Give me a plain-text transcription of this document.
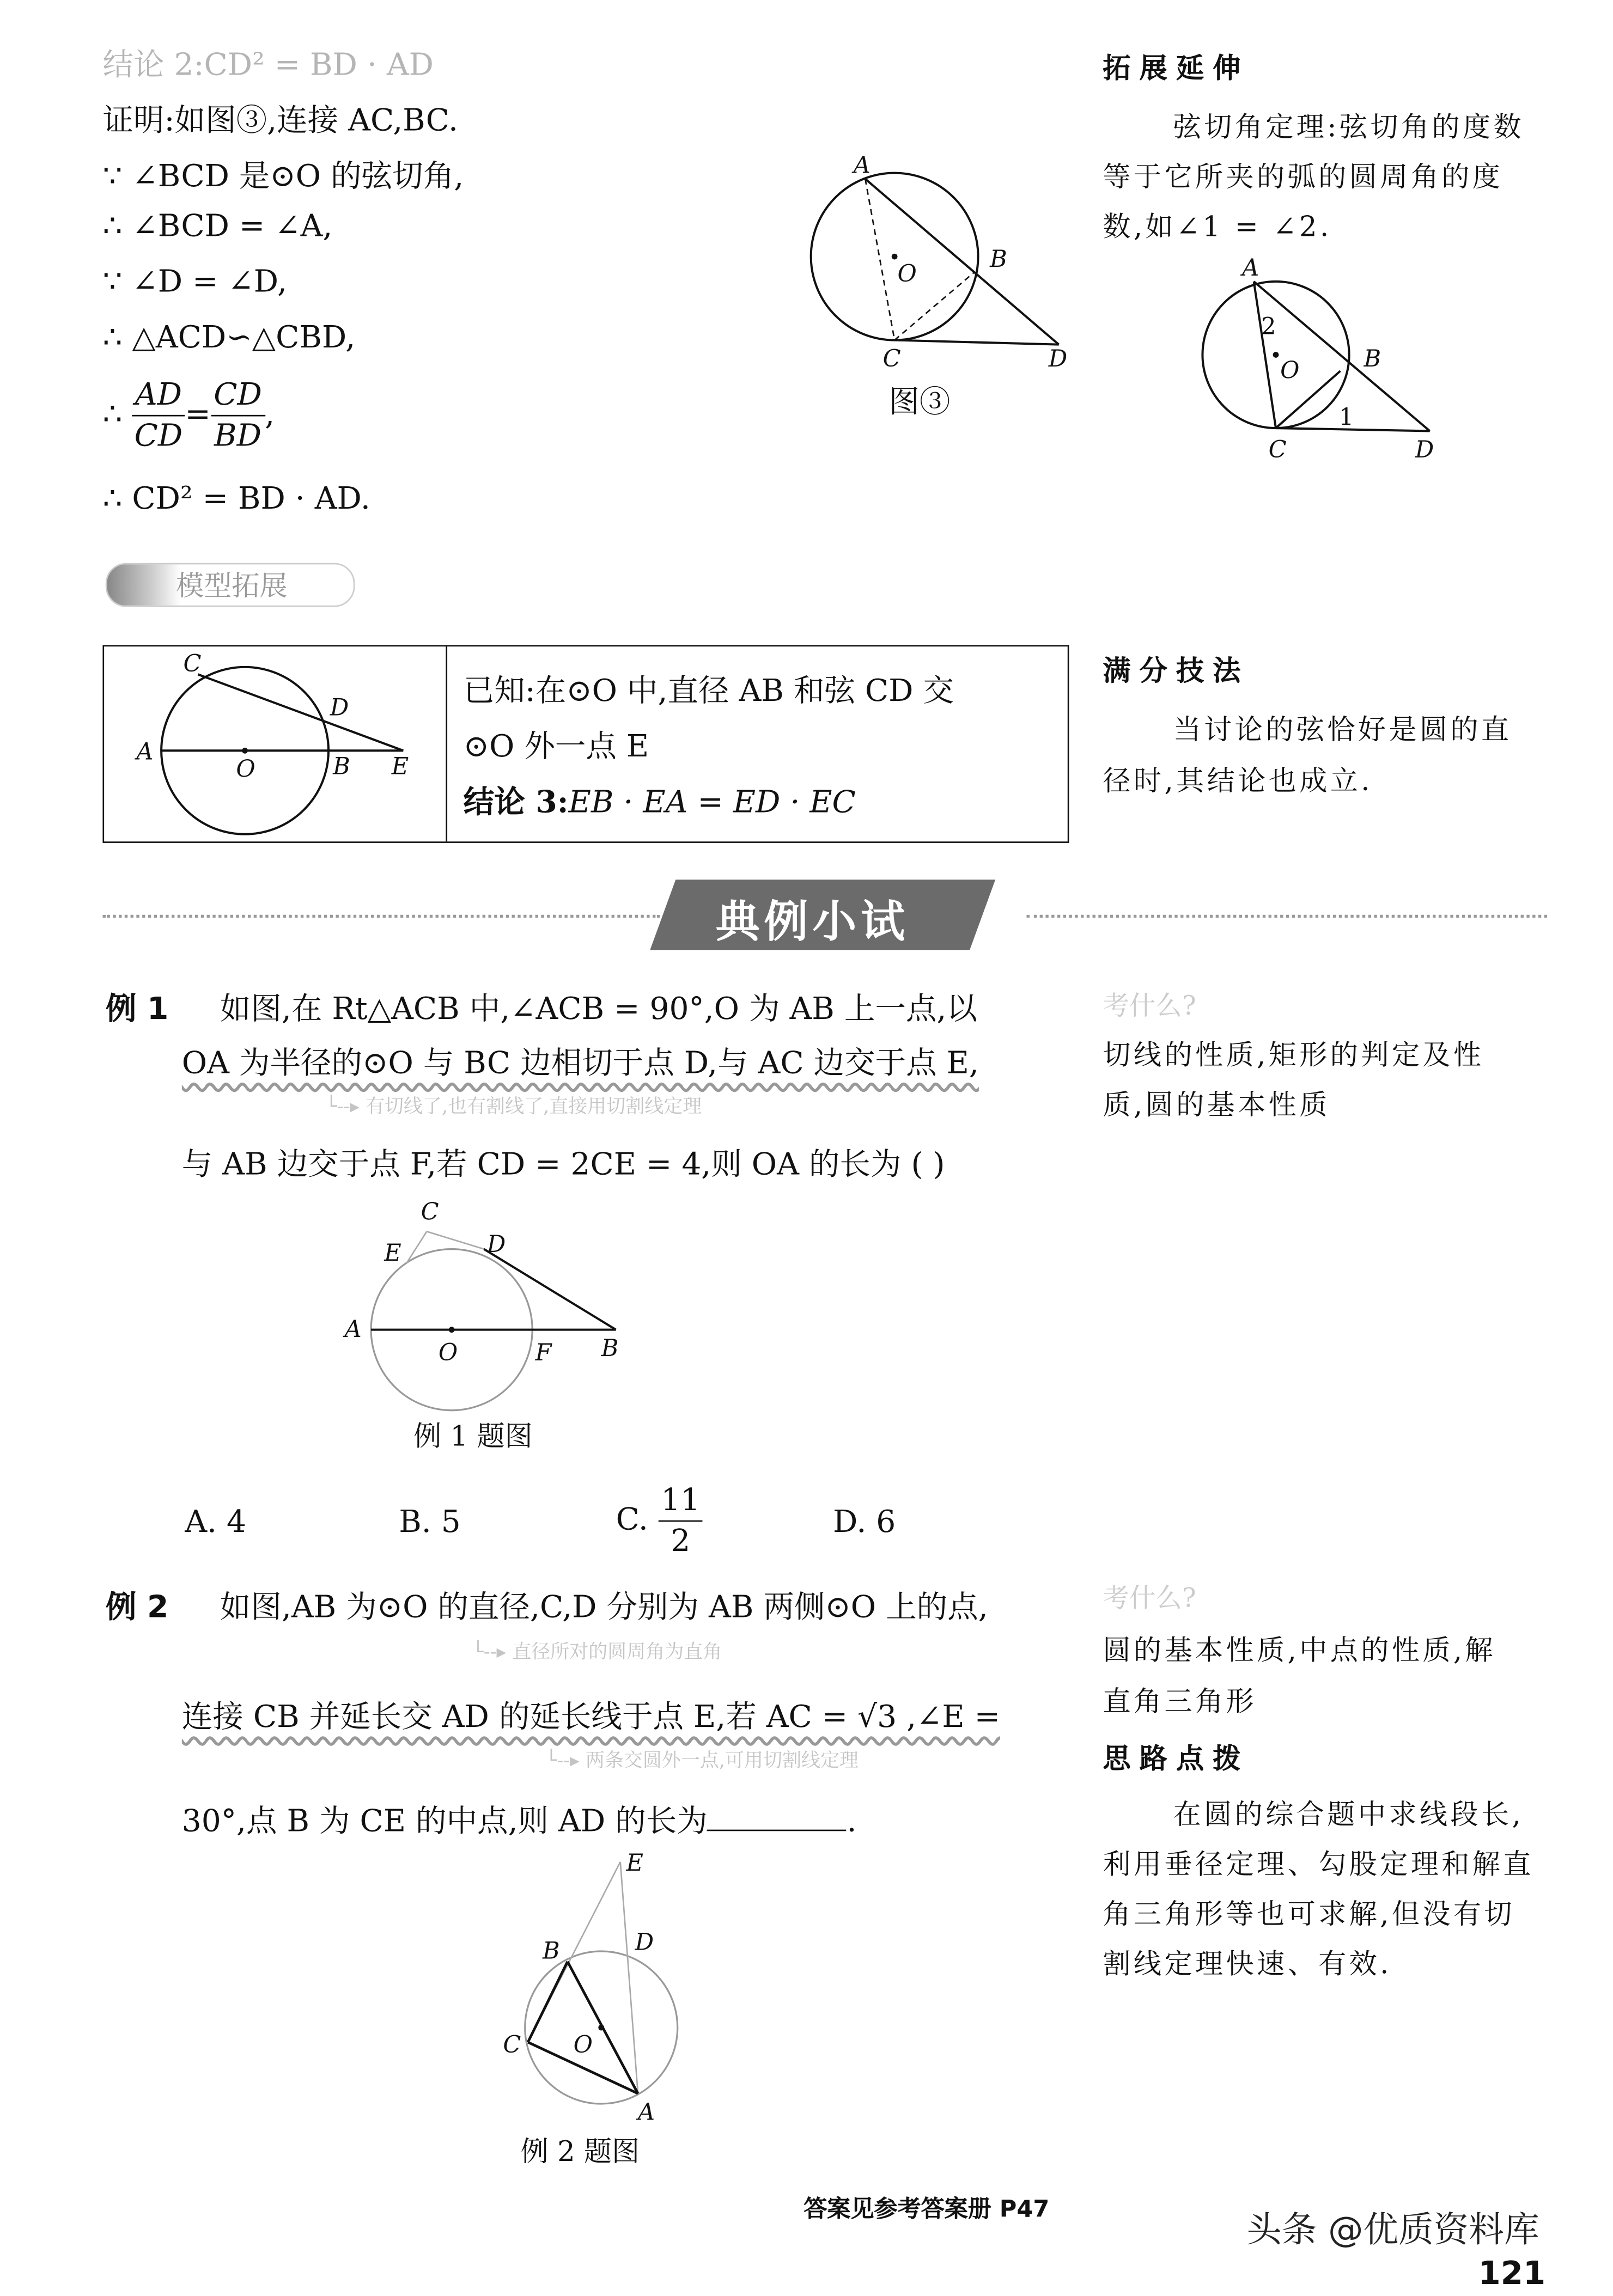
结论 2:CD² = BD · AD
证明:如图③,连接 AC,BC.
∵ ∠BCD 是⊙O 的弦切角,
∴ ∠BCD = ∠A,
∵ ∠D = ∠D,
∴ △ACD∽△CBD,
∴ $\frac{AD}{CD} = \frac{CD}{BD}$ ,
∴ CD² = BD · AD.
A
O
B
C	D
图③
拓展延伸
弦切角定理:弦切角的度数
等于它所夹的弧的圆周角的度
数,如∠1 = ∠2.
A
2
O	B
C
1
D
模型拓展
C
D
A
O	B	E
已知:在⊙O 中,直径 AB 和弦 CD 交
⊙O 外一点 E
结论 3:EB · EA = ED · EC
满分技法
当讨论的弦恰好是圆的直
径时,其结论也成立.
典例小试
例 1	如图,在 Rt△ACB 中,∠ACB = 90°,O 为 AB 上一点,以
OA 为半径的⊙O 与 BC 边相切于点 D,与 AC 边交于点 E,
└--▸ 有切线了,也有割线了,直接用切割线定理
与 AB 边交于点 F,若 CD = 2CE = 4,则 OA 的长为 ( )
C
E	D
A
O	F	B
例 1 题图
A. 4	B. 5	C. $\frac{11}{2}$	D. 6
考什么?
切线的性质,矩形的判定及性
质,圆的基本性质
例 2	如图,AB 为⊙O 的直径,C,D 分别为 AB 两侧⊙O 上的点,
└--▸ 直径所对的圆周角为直角
连接 CB 并延长交 AD 的延长线于点 E,若 AC = √3 ,∠E =
└--▸ 两条交圆外一点,可用切割线定理
30°,点 B 为 CE 的中点,则 AD 的长为	.
E
B	D
C	O
A
例 2 题图
考什么?
圆的基本性质,中点的性质,解
直角三角形
思路点拨
在圆的综合题中求线段长,
利用垂径定理、勾股定理和解直
角三角形等也可求解,但没有切
割线定理快速、有效.
答案见参考答案册 P47
头条 @优质资料库
121
